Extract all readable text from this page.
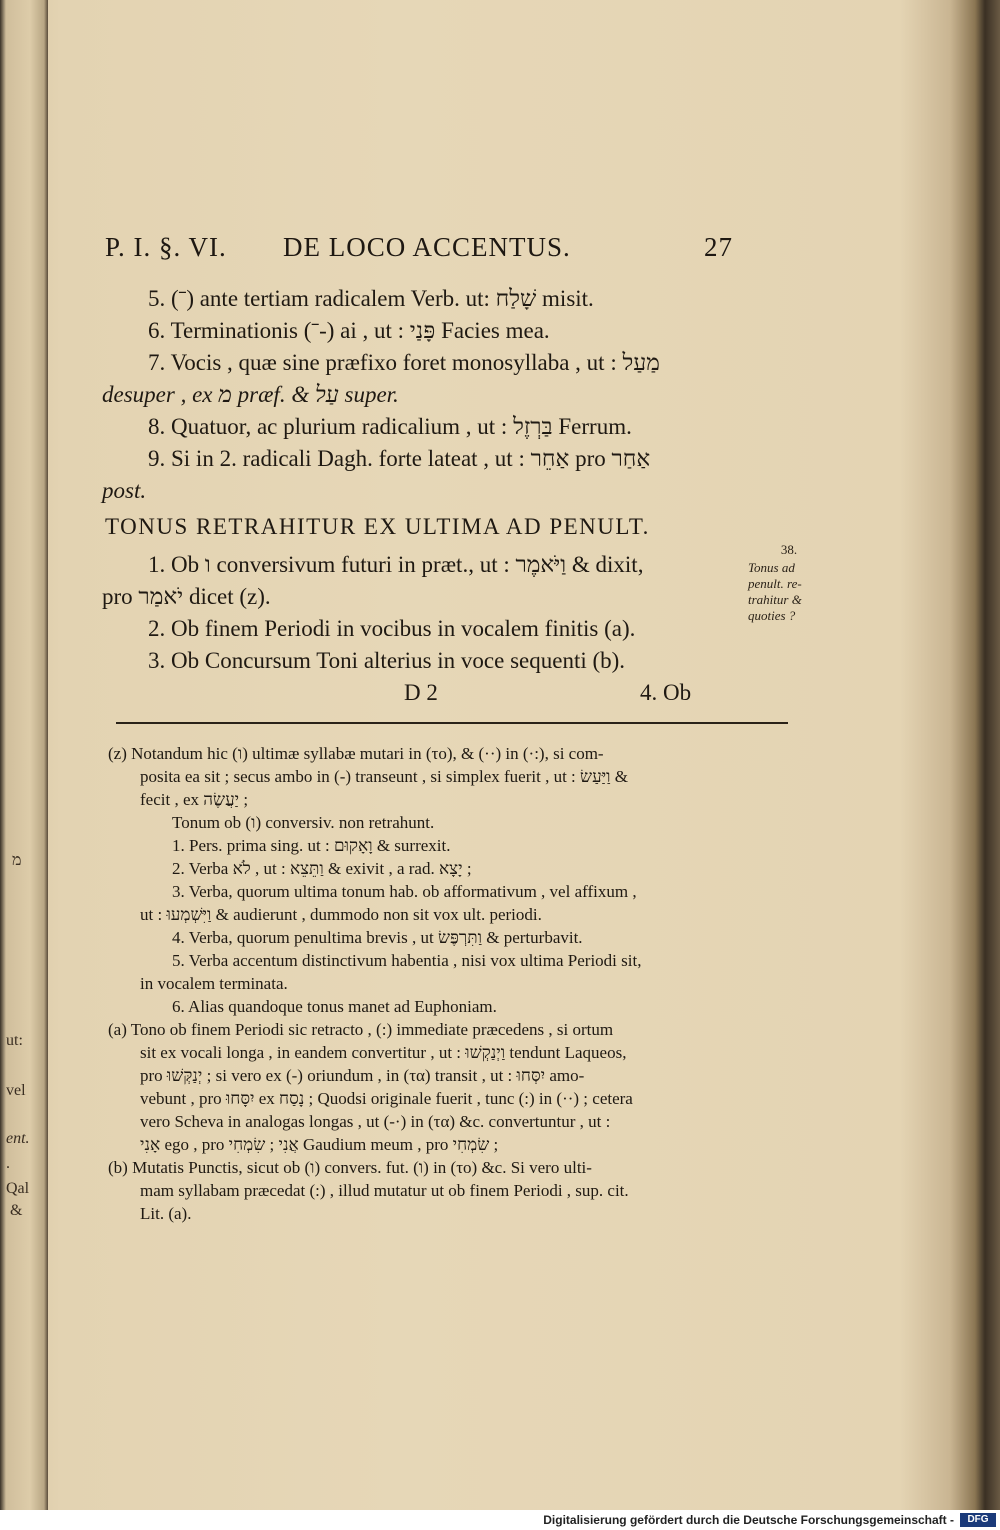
מ
ut:
vel
ent.
.
Qal
&
P. I. §. VI. DE LOCO ACCENTUS.	27
5. (ˉ) ante tertiam radicalem Verb. ut: שָׁלַח misit.
6. Terminationis (ˉ-) ai , ut : פָּנַי Facies mea.
7. Vocis , quæ sine præfixo foret monosyllaba , ut : מַעַל
desuper , ex מ præf. & עַל super.
8. Quatuor, ac plurium radicalium , ut : בַּרְזֶל Ferrum.
9. Si in 2. radicali Dagh. forte lateat , ut : אַחֵר pro אַחַר
post.
TONUS RETRAHITUR EX ULTIMA AD PENULT.
1. Ob ו conversivum futuri in præt., ut : וַיֹּאמֶר & dixit,
pro יֹאמַר dicet (z).
2. Ob finem Periodi in vocibus in vocalem finitis (a).
3. Ob Concursum Toni alterius in voce sequenti (b).
D 2	4. Ob
38.
Tonus ad
penult. re-
trahitur &
quoties ?
(z) Notandum hic (ו) ultimæ syllabæ mutari in (τo), & (··) in (·:), si com-
posita ea sit ; secus ambo in (-) transeunt , si simplex fuerit , ut : וַיַּעַשׂ &
fecit , ex יַעֲשֶׂה ;
Tonum ob (ו) conversiv. non retrahunt.
1. Pers. prima sing. ut : וָאָקוּם & surrexit.
2. Verba לֹא , ut : וַתֵּצֵא & exivit , a rad. יָצָא ;
3. Verba, quorum ultima tonum hab. ob afformativum , vel affixum ,
ut : וַיִּשְׁמְעוּ & audierunt , dummodo non sit vox ult. periodi.
4. Verba, quorum penultima brevis , ut וַתִּרְפֶּשׂ & perturbavit.
5. Verba accentum distinctivum habentia , nisi vox ultima Periodi sit,
in vocalem terminata.
6. Alias quandoque tonus manet ad Euphoniam.
(a) Tono ob finem Periodi sic retracto , (:) immediate præcedens , si ortum
sit ex vocali longa , in eandem convertitur , ut : וַיְנַקְשׁוּ tendunt Laqueos,
pro יְנַקְּשׁוּ ; si vero ex (-) oriundum , in (τα) transit , ut : יִסְּחוּ amo-
vebunt , pro יִסָּחוּ ex נָסַח ; Quodsi originale fuerit , tunc (:) in (··) ; cetera
vero Scheva in analogas longas , ut (-·) in (τα) &c. convertuntur , ut :
אָנִי ego , pro אֲנִי ; שִׂמְחִי Gaudium meum , pro שִׂמְחִי ;
(b) Mutatis Punctis, sicut ob (ו) convers. fut. (ו) in (τo) &c. Si vero ulti-
mam syllabam præcedat (:) , illud mutatur ut ob finem Periodi , sup. cit.
Lit. (a).
Digitalisierung gefördert durch die Deutsche Forschungsgemeinschaft -	DFG
